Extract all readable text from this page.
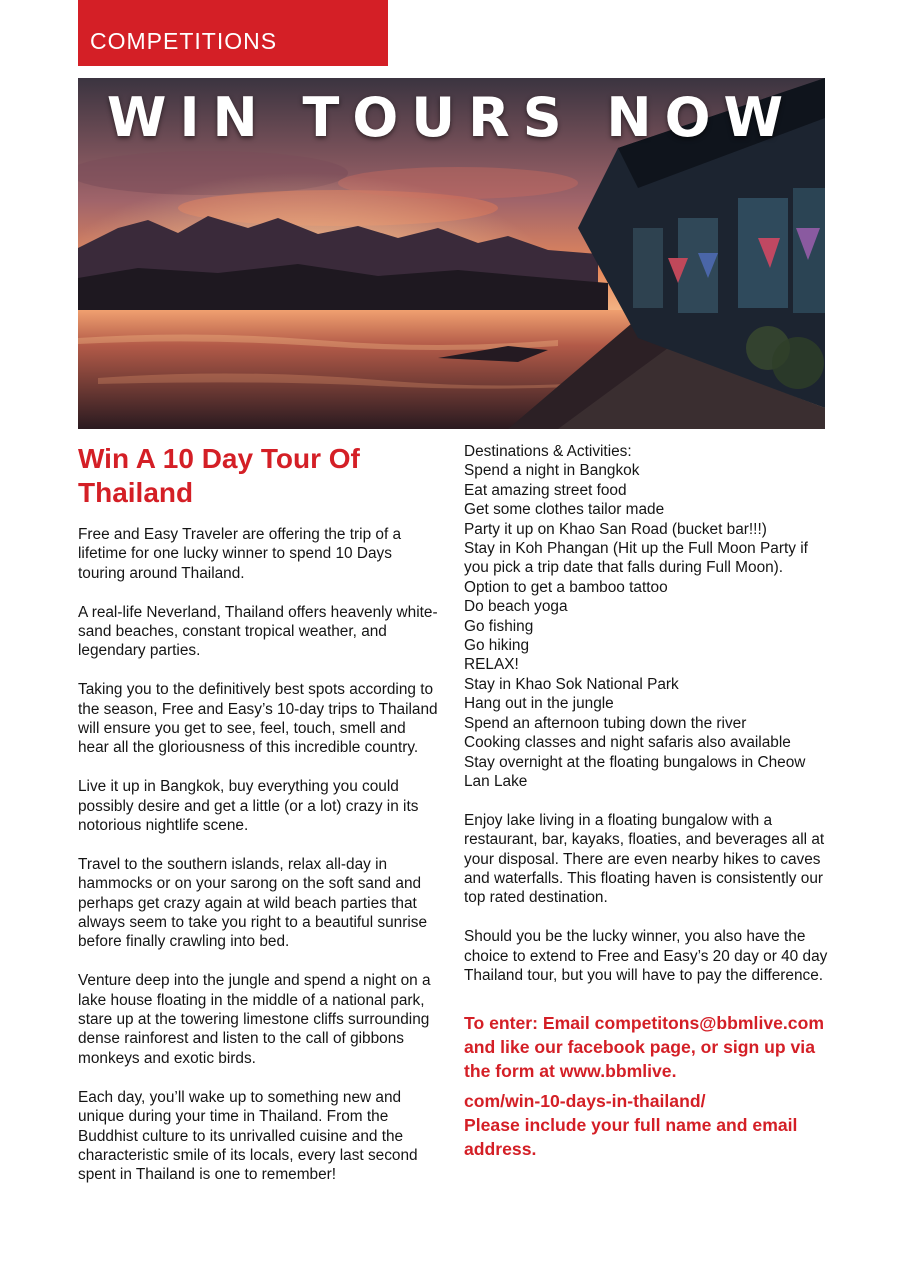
COMPETITIONS
WIN TOURS NOW
Win A 10 Day Tour Of Thailand

Free and Easy Traveler are offering the trip of a lifetime for one lucky winner to spend 10 Days touring around Thailand.

A real-life Neverland, Thailand offers heavenly white-sand beaches, constant tropical weather, and legendary parties.

Taking you to the definitively best spots according to the season, Free and Easy’s 10-day trips to Thailand will ensure you get to see, feel, touch, smell and hear all the gloriousness of this incredible country.

Live it up in Bangkok, buy everything you could possibly desire and get a little (or a lot) crazy in its notorious nightlife scene.

Travel to the southern islands, relax all-day in hammocks or on your sarong on the soft sand and perhaps get crazy again at wild beach parties that always seem to take you right to a beautiful sunrise before finally crawling into bed.

Venture deep into the jungle and spend a night on a lake house floating in the middle of a national park, stare up at the towering limestone cliffs surrounding dense rainforest and listen to the call of gibbons monkeys and exotic birds.

Each day, you’ll wake up to something new and unique during your time in Thailand. From the Buddhist culture to its unrivalled cuisine and the characteristic smile of its locals, every last second spent in Thailand is one to remember!

Destinations & Activities:

Spend a night in Bangkok
Eat amazing street food
Get some clothes tailor made
Party it up on Khao San Road (bucket bar!!!)
Stay in Koh Phangan (Hit up the Full Moon Party if you pick a trip date that falls during Full Moon).
Option to get a bamboo tattoo
Do beach yoga
Go fishing
Go hiking
RELAX!
Stay in Khao Sok National Park
Hang out in the jungle
Spend an afternoon tubing down the river
Cooking classes and night safaris also available
Stay overnight at the floating bungalows in Cheow Lan Lake

Enjoy lake living in a floating bungalow with a restaurant, bar, kayaks, floaties, and beverages all at your disposal. There are even nearby hikes to caves and waterfalls. This floating haven is consistently our top rated destination.

Should you be the lucky winner, you also have the choice to extend to Free and Easy’s 20 day or 40 day Thailand tour, but you will have to pay the difference.

To enter: Email competitons@bbmlive.com and like our facebook page, or sign up via the form at www.bbmlive.

com/win-10-days-in-thailand/

Please include your full name and email address.
